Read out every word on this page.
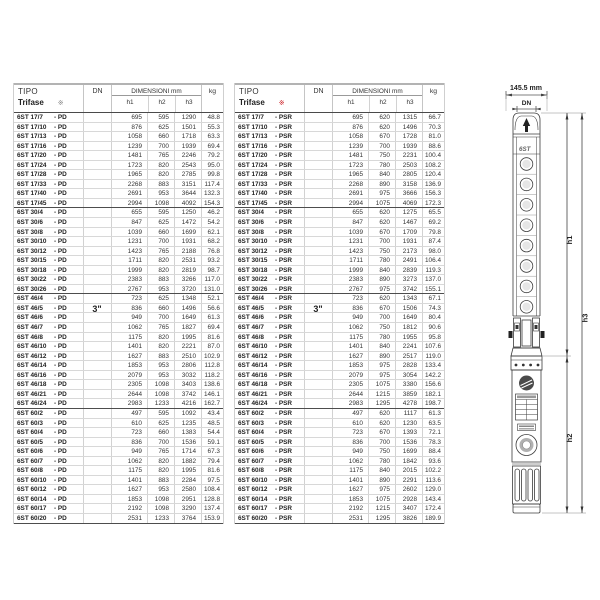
TIPO
Trifase ※
DN	DIMENSIONI mm
h1	h2	h3
kg
6ST 17/7	- PD	695	595	1290	48.8
6ST 17/10	- PD	876	625	1501	55.3
6ST 17/13	- PD	1058	660	1718	63.3
6ST 17/16	- PD	1239	700	1939	69.4
6ST 17/20	- PD	1481	765	2246	79.2
6ST 17/24	- PD	1723	820	2543	95.0
6ST 17/28	- PD	1965	820	2785	99.8
6ST 17/33	- PD	2268	883	3151	117.4
6ST 17/40	- PD	2691	953	3644	132.3
6ST 17/45	- PD	2994	1098	4092	154.3
6ST 30/4	- PD	655	595	1250	46.2
6ST 30/6	- PD	847	625	1472	54.2
6ST 30/8	- PD	1039	660	1699	62.1
6ST 30/10	- PD	1231	700	1931	68.2
6ST 30/12	- PD	1423	765	2188	76.8
6ST 30/15	- PD	1711	820	2531	93.2
6ST 30/18	- PD	1999	820	2819	98.7
6ST 30/22	- PD	2383	883	3266	117.0
6ST 30/26	- PD	2767	953	3720	131.0
6ST 46/4	- PD	723	625	1348	52.1
6ST 46/5	- PD	836	660	1496	56.6
6ST 46/6	- PD	949	700	1649	61.3
6ST 46/7	- PD	1062	765	1827	69.4
6ST 46/8	- PD	1175	820	1995	81.6
6ST 46/10	- PD	1401	820	2221	87.0
6ST 46/12	- PD	1627	883	2510	102.9
6ST 46/14	- PD	1853	953	2806	112.8
6ST 46/16	- PD	2079	953	3032	118.2
6ST 46/18	- PD	2305	1098	3403	138.6
6ST 46/21	- PD	2644	1098	3742	146.1
6ST 46/24	- PD	2983	1233	4216	162.7
6ST 60/2	- PD	497	595	1092	43.4
6ST 60/3	- PD	610	625	1235	48.5
6ST 60/4	- PD	723	660	1383	54.4
6ST 60/5	- PD	836	700	1536	59.1
6ST 60/6	- PD	949	765	1714	67.3
6ST 60/7	- PD	1062	820	1882	79.4
6ST 60/8	- PD	1175	820	1995	81.6
6ST 60/10	- PD	1401	883	2284	97.5
6ST 60/12	- PD	1627	953	2580	108.4
6ST 60/14	- PD	1853	1098	2951	128.8
6ST 60/17	- PD	2192	1098	3290	137.4
6ST 60/20	- PD	2531	1233	3764	153.9
3"
TIPO
Trifase ※
DN	DIMENSIONI mm
h1	h2	h3
kg
6ST 17/7	- PSR	695	620	1315	66.7
6ST 17/10	- PSR	876	620	1496	70.3
6ST 17/13	- PSR	1058	670	1728	81.0
6ST 17/16	- PSR	1239	700	1939	88.6
6ST 17/20	- PSR	1481	750	2231	100.4
6ST 17/24	- PSR	1723	780	2503	108.2
6ST 17/28	- PSR	1965	840	2805	120.4
6ST 17/33	- PSR	2268	890	3158	136.9
6ST 17/40	- PSR	2691	975	3666	156.3
6ST 17/45	- PSR	2994	1075	4069	172.3
6ST 30/4	- PSR	655	620	1275	65.5
6ST 30/6	- PSR	847	620	1467	69.2
6ST 30/8	- PSR	1039	670	1709	79.8
6ST 30/10	- PSR	1231	700	1931	87.4
6ST 30/12	- PSR	1423	750	2173	98.0
6ST 30/15	- PSR	1711	780	2491	106.4
6ST 30/18	- PSR	1999	840	2839	119.3
6ST 30/22	- PSR	2383	890	3273	137.0
6ST 30/26	- PSR	2767	975	3742	155.1
6ST 46/4	- PSR	723	620	1343	67.1
6ST 46/5	- PSR	836	670	1506	74.3
6ST 46/6	- PSR	949	700	1649	80.4
6ST 46/7	- PSR	1062	750	1812	90.6
6ST 46/8	- PSR	1175	780	1955	95.8
6ST 46/10	- PSR	1401	840	2241	107.6
6ST 46/12	- PSR	1627	890	2517	119.0
6ST 46/14	- PSR	1853	975	2828	133.4
6ST 46/16	- PSR	2079	975	3054	142.2
6ST 46/18	- PSR	2305	1075	3380	156.6
6ST 46/21	- PSR	2644	1215	3859	182.1
6ST 46/24	- PSR	2983	1295	4278	198.7
6ST 60/2	- PSR	497	620	1117	61.3
6ST 60/3	- PSR	610	620	1230	63.5
6ST 60/4	- PSR	723	670	1393	72.1
6ST 60/5	- PSR	836	700	1536	78.3
6ST 60/6	- PSR	949	750	1699	88.4
6ST 60/7	- PSR	1062	780	1842	93.6
6ST 60/8	- PSR	1175	840	2015	102.2
6ST 60/10	- PSR	1401	890	2291	113.6
6ST 60/12	- PSR	1627	975	2602	129.0
6ST 60/14	- PSR	1853	1075	2928	143.4
6ST 60/17	- PSR	2192	1215	3407	172.4
6ST 60/20	- PSR	2531	1295	3826	189.9
3"
145.5 mm
DN
6ST
h1
h2
h3
